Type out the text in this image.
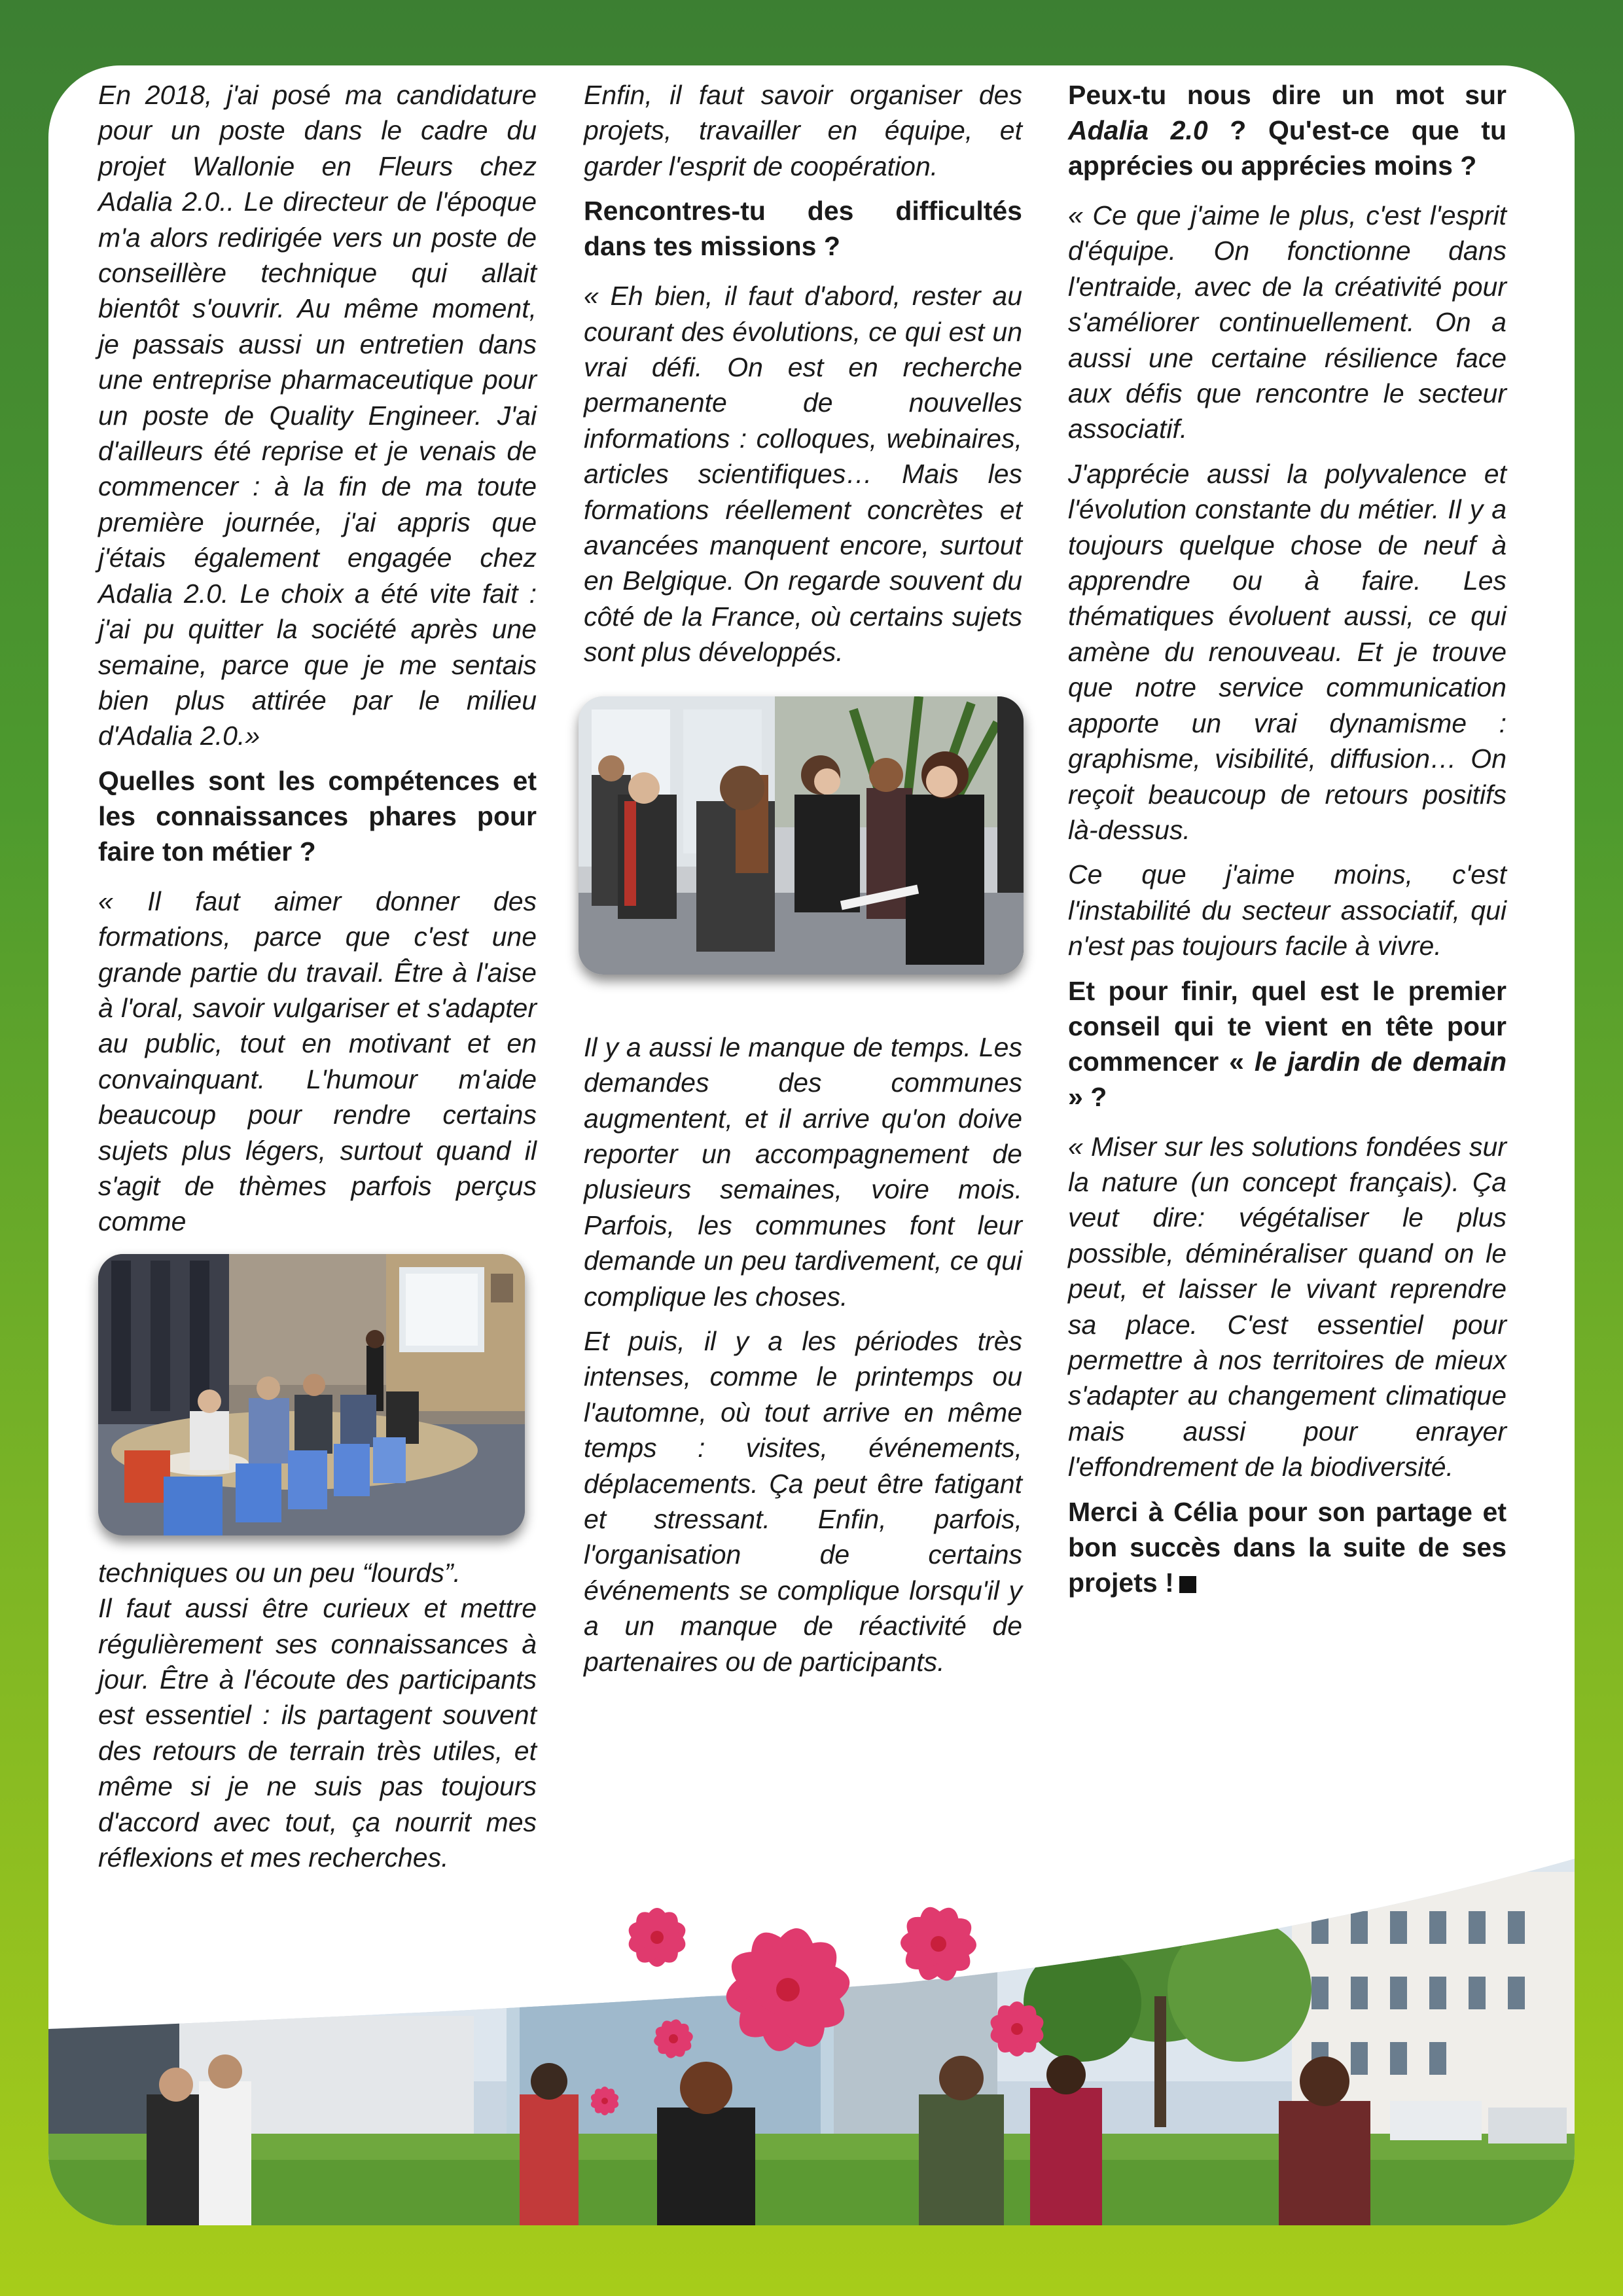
En 2018, j'ai posé ma candidature pour un poste dans le cadre du projet Wallonie en Fleurs chez Adalia 2.0.. Le directeur de l'époque m'a alors redirigée vers un poste de conseillère technique qui allait bientôt s'ouvrir. Au même moment, je passais aussi un entretien dans une entreprise pharmaceutique pour un poste de Quality Engineer. J'ai d'ailleurs été reprise et je venais de commencer : à la fin de ma toute première journée, j'ai appris que j'étais également engagée chez Adalia 2.0. Le choix a été vite fait : j'ai pu quitter la société après une semaine, parce que je me sentais bien plus attirée par le milieu d'Adalia 2.0.»

Quelles sont les compétences et les connaissances phares pour faire ton métier ?

« Il faut aimer donner des formations, parce que c'est une grande partie du travail. Être à l'aise à l'oral, savoir vulgariser et s'adapter au public, tout en motivant et en convainquant. L'humour m'aide beaucoup pour rendre certains sujets plus légers, surtout quand il s'agit de thèmes parfois perçus comme

techniques ou un peu “lourds”.

Il faut aussi être curieux et mettre régulièrement ses connaissances à jour. Être à l'écoute des participants est essentiel : ils partagent souvent des retours de terrain très utiles, et même si je ne suis pas toujours d'accord avec tout, ça nourrit mes réflexions et mes recherches.

Enfin, il faut savoir organiser des projets, travailler en équipe, et garder l'esprit de coopération.

Rencontres-tu des difficultés dans tes missions ?

« Eh bien, il faut d'abord, rester au courant des évolutions, ce qui est un vrai défi. On est en recherche permanente de nouvelles informations : colloques, webinaires, articles scientifiques… Mais les formations réellement concrètes et avancées manquent encore, surtout en Belgique. On regarde souvent du côté de la France, où certains sujets sont plus développés.

Il y a aussi le manque de temps. Les demandes des communes augmentent, et il arrive qu'on doive reporter un accompagnement de plusieurs semaines, voire mois. Parfois, les communes font leur demande un peu tardivement, ce qui complique les choses.

Et puis, il y a les périodes très intenses, comme le printemps ou l'automne, où tout arrive en même temps : visites, événements, déplacements. Ça peut être fatigant et stressant. Enfin, parfois, l'organisation de certains événements se complique lorsqu'il y a un manque de réactivité de partenaires ou de participants.

Peux-tu nous dire un mot sur Adalia 2.0 ? Qu'est-ce que tu apprécies ou apprécies moins ?

« Ce que j'aime le plus, c'est l'esprit d'équipe. On fonctionne dans l'entraide, avec de la créativité pour s'améliorer continuellement. On a aussi une certaine résilience face aux défis que rencontre le secteur associatif.

J'apprécie aussi la polyvalence et l'évolution constante du métier. Il y a toujours quelque chose de neuf à apprendre ou à faire. Les thématiques évoluent aussi, ce qui amène du renouveau. Et je trouve que notre service communication apporte un vrai dynamisme : graphisme, visibilité, diffusion… On reçoit beaucoup de retours positifs là-dessus.

Ce que j'aime moins, c'est l'instabilité du secteur associatif, qui n'est pas toujours facile à vivre.

Et pour finir, quel est le premier conseil qui te vient en tête pour commencer « le jardin de demain » ?

« Miser sur les solutions fondées sur la nature (un concept français). Ça veut dire: végétaliser le plus possible, déminéraliser quand on le peut, et laisser le vivant reprendre sa place. C'est essentiel pour permettre à nos territoires de mieux s'adapter au changement climatique mais aussi pour enrayer l'effondrement de la biodiversité.

Merci à Célia pour son partage et bon succès dans la suite de ses projets !
